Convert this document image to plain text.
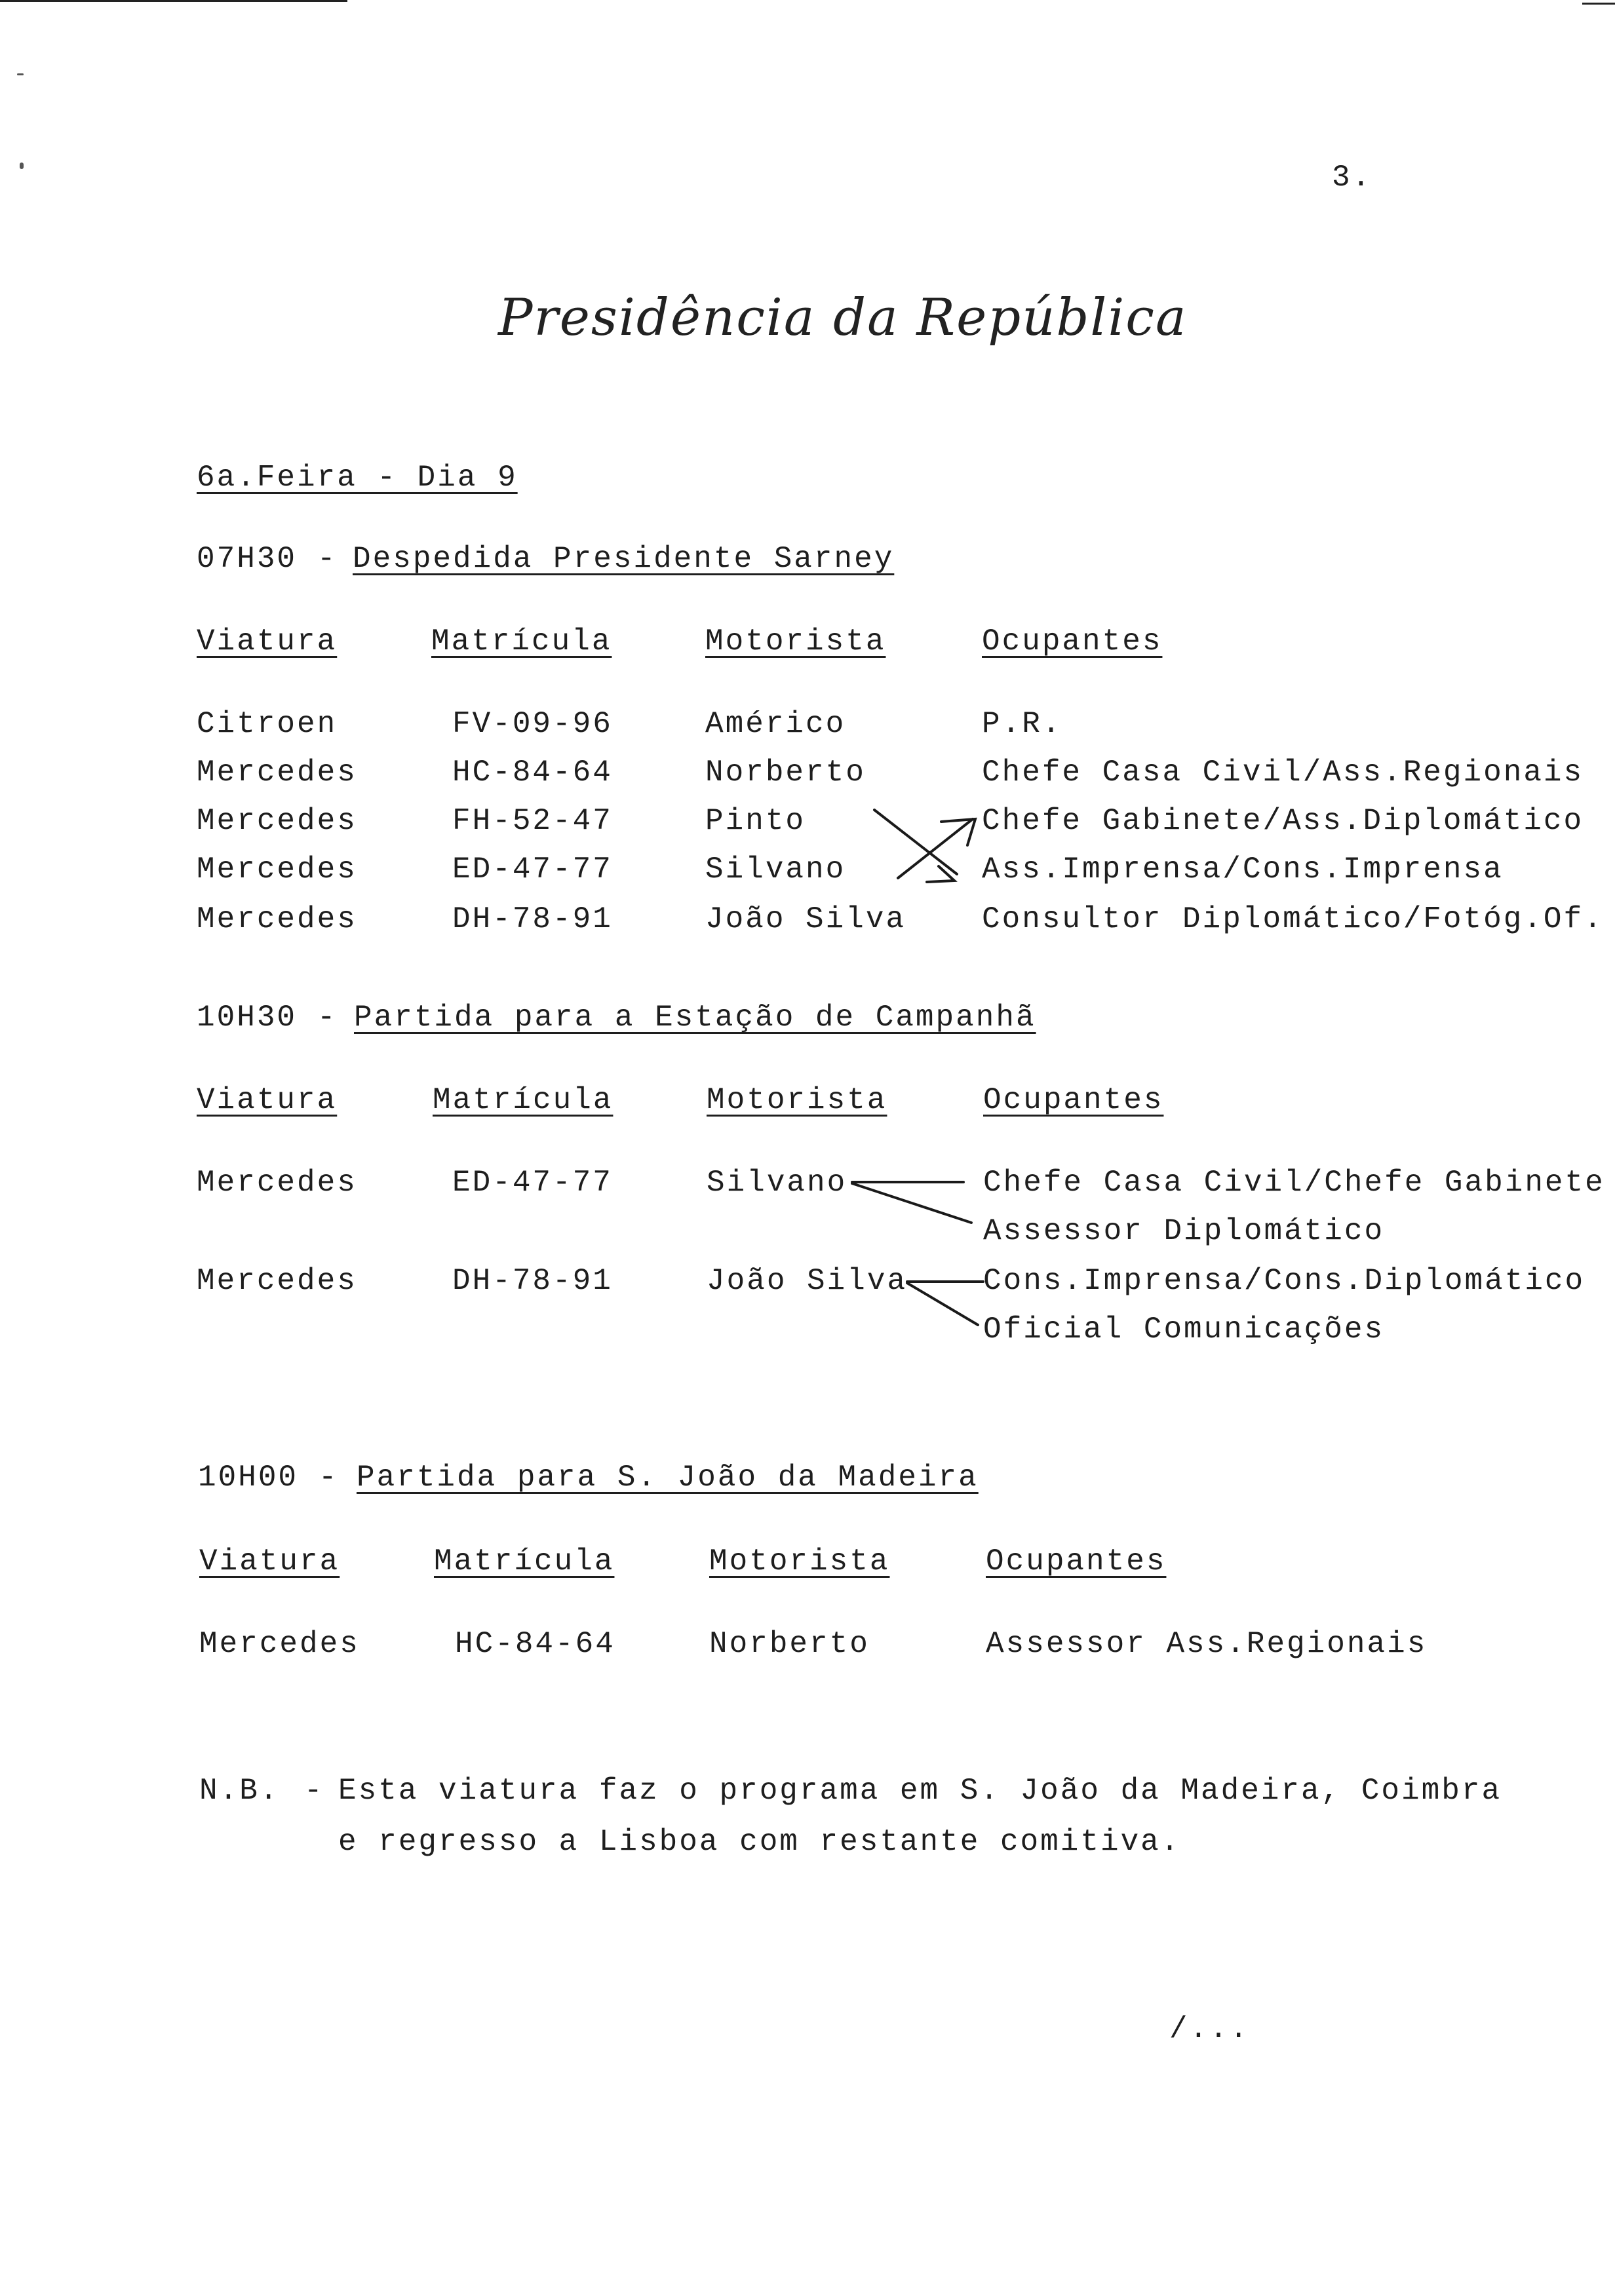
3.
Presidência da República
6a.Feira - Dia 9
07H30 - Despedida Presidente Sarney
Viatura	Matrícula	Motorista	Ocupantes
Citroen	FV-09-96	Américo	P.R.
Mercedes	HC-84-64	Norberto	Chefe Casa Civil/Ass.Regionais
Mercedes	FH-52-47	Pinto	Chefe Gabinete/Ass.Diplomático
Mercedes	ED-47-77	Silvano	Ass.Imprensa/Cons.Imprensa
Mercedes	DH-78-91	João Silva	Consultor Diplomático/Fotóg.Of.
10H30 - Partida para a Estação de Campanhã
Viatura	Matrícula	Motorista	Ocupantes
Mercedes	ED-47-77	Silvano	Chefe Casa Civil/Chefe Gabinete
Assessor Diplomático
Mercedes	DH-78-91	João Silva	Cons.Imprensa/Cons.Diplomático
Oficial Comunicações
10H00 - Partida para S. João da Madeira
Viatura	Matrícula	Motorista	Ocupantes
Mercedes	HC-84-64	Norberto	Assessor Ass.Regionais
N.B. - Esta viatura faz o programa em S. João da Madeira, Coimbra
e regresso a Lisboa com restante comitiva.
/...
